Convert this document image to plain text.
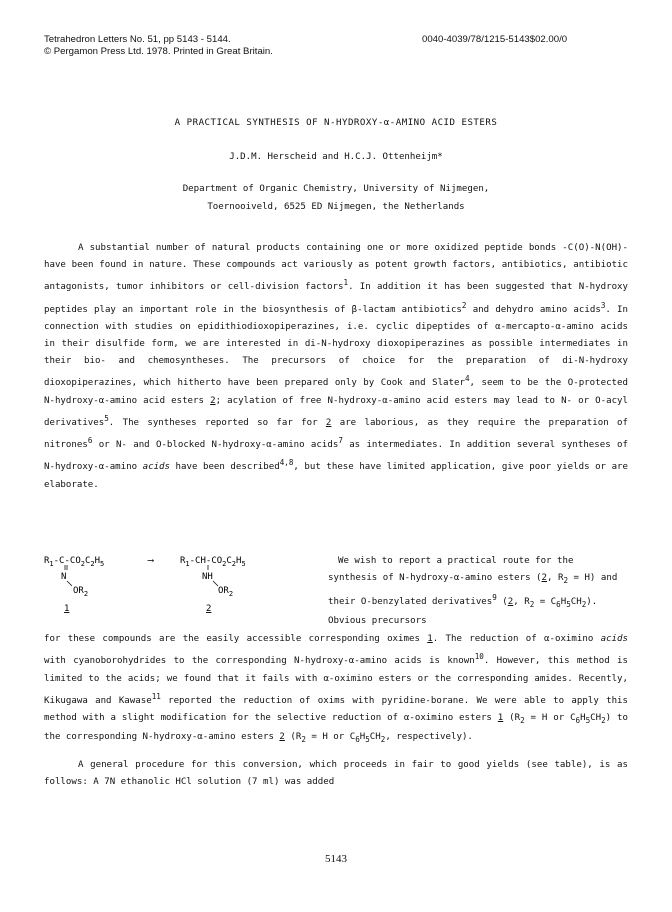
Tetrahedron Letters No. 51, pp 5143 - 5144.
© Pergamon Press Ltd. 1978. Printed in Great Britain.
0040-4039/78/1215-5143$02.00/0
A PRACTICAL SYNTHESIS OF N-HYDROXY-α-AMINO ACID ESTERS
J.D.M. Herscheid and H.C.J. Ottenheijm*
Department of Organic Chemistry, University of Nijmegen,
Toernooiveld, 6525 ED Nijmegen, the Netherlands

A substantial number of natural products containing one or more oxidized peptide bonds -C(O)-N(OH)- have been found in nature. These compounds act variously as potent growth factors, antibiotics, antibiotic antagonists, tumor inhibitors or cell-division factors$^1$. In addition it has been suggested that N-hydroxy peptides play an important role in the biosynthesis of β-lactam antibiotics$^2$ and dehydro amino acids$^3$. In connection with studies on epidithiodioxopiperazines, i.e. cyclic dipeptides of α-mercapto-α-amino acids in their disulfide form, we are interested in di-N-hydroxy dioxopiperazines as possible intermediates in their bio- and chemosyntheses. The precursors of choice for the preparation of di-N-hydroxy dioxopiperazines, which hitherto have been prepared only by Cook and Slater$^4$, seem to be the O-protected N-hydroxy-α-amino acid esters 2; acylation of free N-hydroxy-α-amino acid esters may lead to N- or O-acyl derivatives$^5$. The syntheses reported so far for 2 are laborious, as they require the preparation of nitrones$^6$ or N- and O-blocked N-hydroxy-α-amino acids$^7$ as intermediates. In addition several syntheses of N-hydroxy-α-amino acids have been described$^{4,8}$, but these have limited application, give poor yields or are elaborate.

$R_1-C-CO_2C_2H_5$
N
$OR_2$
1
⟶	$R_1-CH-CO_2C_2H_5$
NH
$OR_2$
2

We wish to report a practical route for the synthesis of N-hydroxy-α-amino esters (2, $R_2 = H$) and their O-benzylated derivatives$^9$ (2, $R_2 = C_6H_5CH_2$). Obvious precursors

for these compounds are the easily accessible corresponding oximes 1. The reduction of α-oximino acids with cyanoborohydrides to the corresponding N-hydroxy-α-amino acids is known$^{10}$. However, this method is limited to the acids; we found that it fails with α-oximino esters or the corresponding amides. Recently, Kikugawa and Kawase$^{11}$ reported the reduction of oxims with pyridine-borane. We were able to apply this method with a slight modification for the selective reduction of α-oximino esters 1 ($R_2 = H$ or $C_6H_5CH_2$) to the corresponding N-hydroxy-α-amino esters 2 ($R_2 = H$ or $C_6H_5CH_2$, respectively).

A general procedure for this conversion, which proceeds in fair to good yields (see table), is as follows: A 7N ethanolic HCl solution (7 ml) was added

5143
